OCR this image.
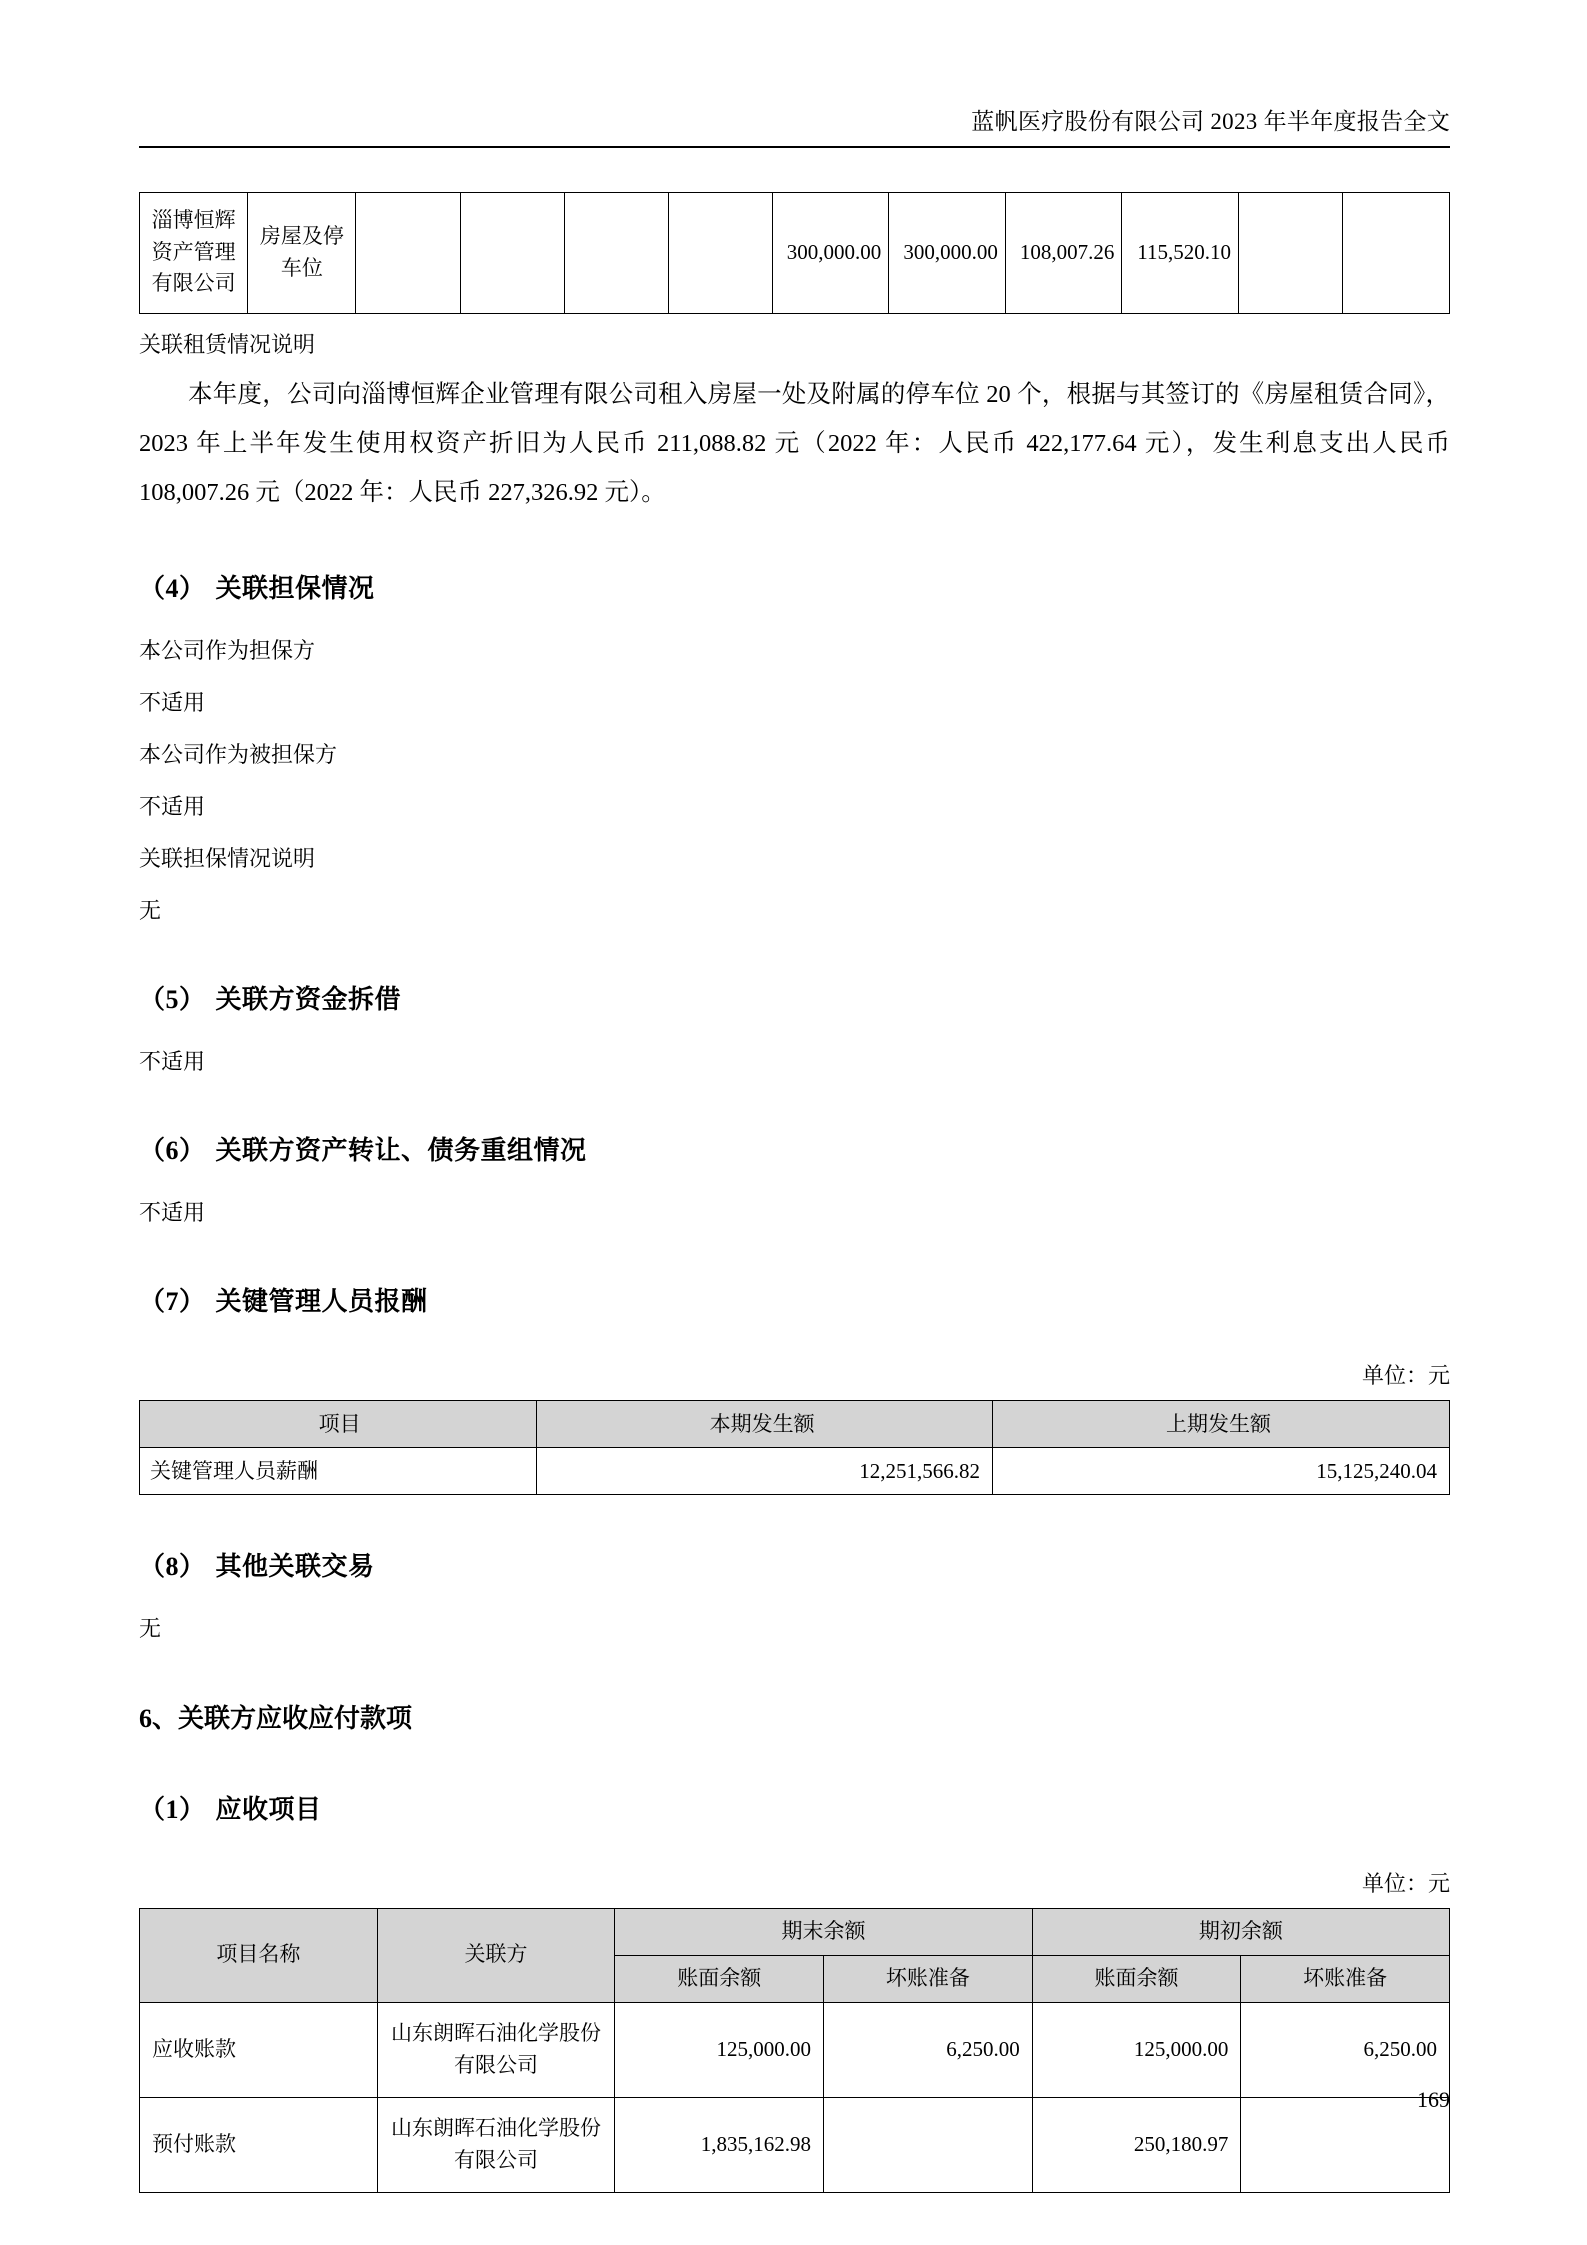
蓝帆医疗股份有限公司 2023 年半年度报告全文
淄博恒辉资产管理有限公司	房屋及停车位					300,000.00	300,000.00	108,007.26	115,520.10		
关联租赁情况说明

本年度，公司向淄博恒辉企业管理有限公司租入房屋一处及附属的停车位 20 个，根据与其签订的《房屋租赁合同》，2023 年上半年发生使用权资产折旧为人民币 211,088.82 元（2022 年：人民币 422,177.64 元），发生利息支出人民币 108,007.26 元（2022 年：人民币 227,326.92 元）。

（4） 关联担保情况
本公司作为担保方
不适用
本公司作为被担保方
不适用
关联担保情况说明
无
（5） 关联方资金拆借
不适用
（6） 关联方资产转让、债务重组情况
不适用
（7） 关键管理人员报酬
单位：元
项目	本期发生额	上期发生额
关键管理人员薪酬	12,251,566.82	15,125,240.04
（8） 其他关联交易
无
6、关联方应收应付款项
（1） 应收项目
单位：元
项目名称	关联方	期末余额		期初余额	
		账面余额	坏账准备	账面余额	坏账准备
应收账款	山东朗晖石油化学股份有限公司	125,000.00	6,250.00	125,000.00	6,250.00
预付账款	山东朗晖石油化学股份有限公司	1,835,162.98		250,180.97	
169
